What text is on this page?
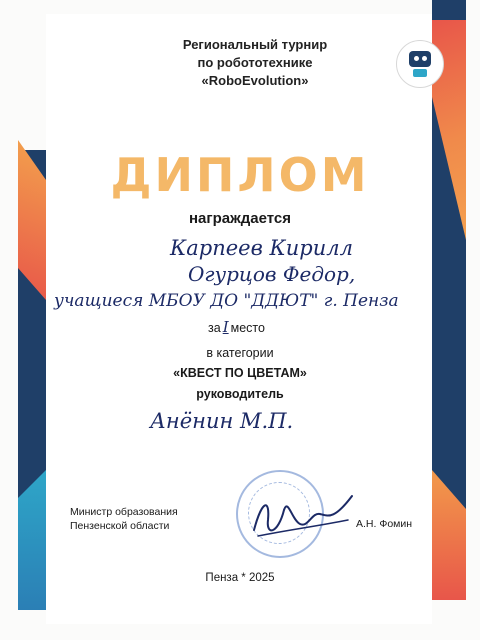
Региональный турнир
по робототехнике
«RoboEvolution»
ДИПЛОМ
награждается
Карпеев Кирилл
Огурцов Федор,
учащиеся МБОУ ДО "ДДЮТ" г. Пенза
за I место
в категории
«КВЕСТ ПО ЦВЕТАМ»
руководитель
Анёнин М.П.
Министр образования
Пензенской области	А.Н. Фомин
Пенза * 2025
